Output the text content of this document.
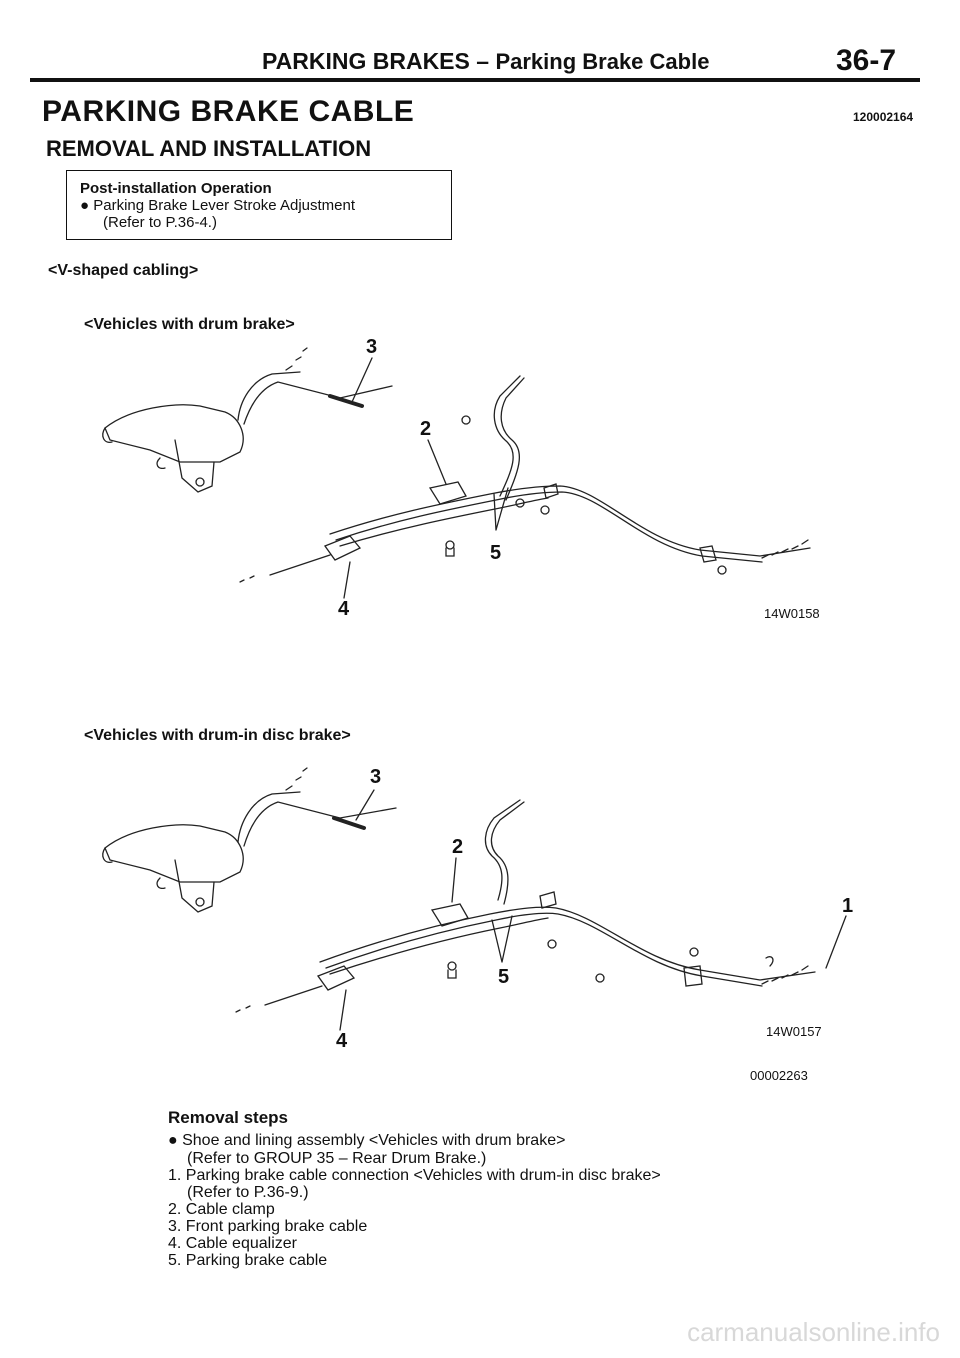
PARKING BRAKES – Parking Brake Cable	36-7
PARKING BRAKE CABLE	120002164
REMOVAL AND INSTALLATION
Post-installation Operation
● Parking Brake Lever Stroke Adjustment
(Refer to P.36-4.)
<V-shaped cabling>
<Vehicles with drum brake>
3
2
5
4	14W0158
<Vehicles with drum-in disc brake>
3
2
1
5
4	14W0157
00002263
Removal steps
● Shoe and lining assembly <Vehicles with drum brake>
(Refer to GROUP 35 – Rear Drum Brake.)
1. Parking brake cable connection <Vehicles with drum-in disc brake>
(Refer to P.36-9.)
2. Cable clamp
3. Front parking brake cable
4. Cable equalizer
5. Parking brake cable
carmanualsonline.info
